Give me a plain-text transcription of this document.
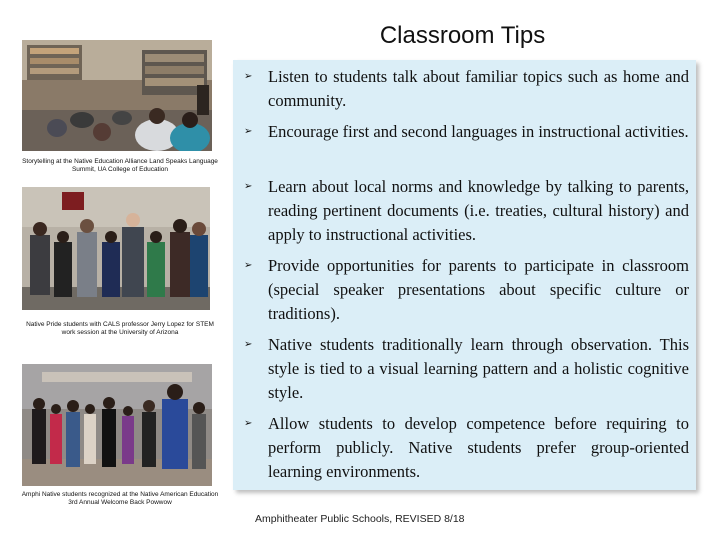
Classroom Tips
Storytelling at the Native Education Alliance Land Speaks Language Summit, UA College of Education
Native Pride students with CALS professor Jerry Lopez for STEM work session at the University of Arizona
Amphi Native students recognized at the Native American Education 3rd Annual Welcome Back Powwow
➢ Listen to students talk about familiar topics such as home and community.
➢ Encourage first and second languages in instructional activities.
➢ Learn about local norms and knowledge by talking to parents, reading pertinent documents (i.e. treaties, cultural history) and apply to instructional activities.
➢ Provide opportunities for parents to participate in classroom (special speaker presentations about specific culture or traditions).
➢ Native students traditionally learn through observation. This style is tied to a visual learning pattern and a holistic cognitive style.
➢ Allow students to develop competence before requiring to perform publicly. Native students prefer group-oriented learning environments.
Amphitheater Public Schools, REVISED 8/18
